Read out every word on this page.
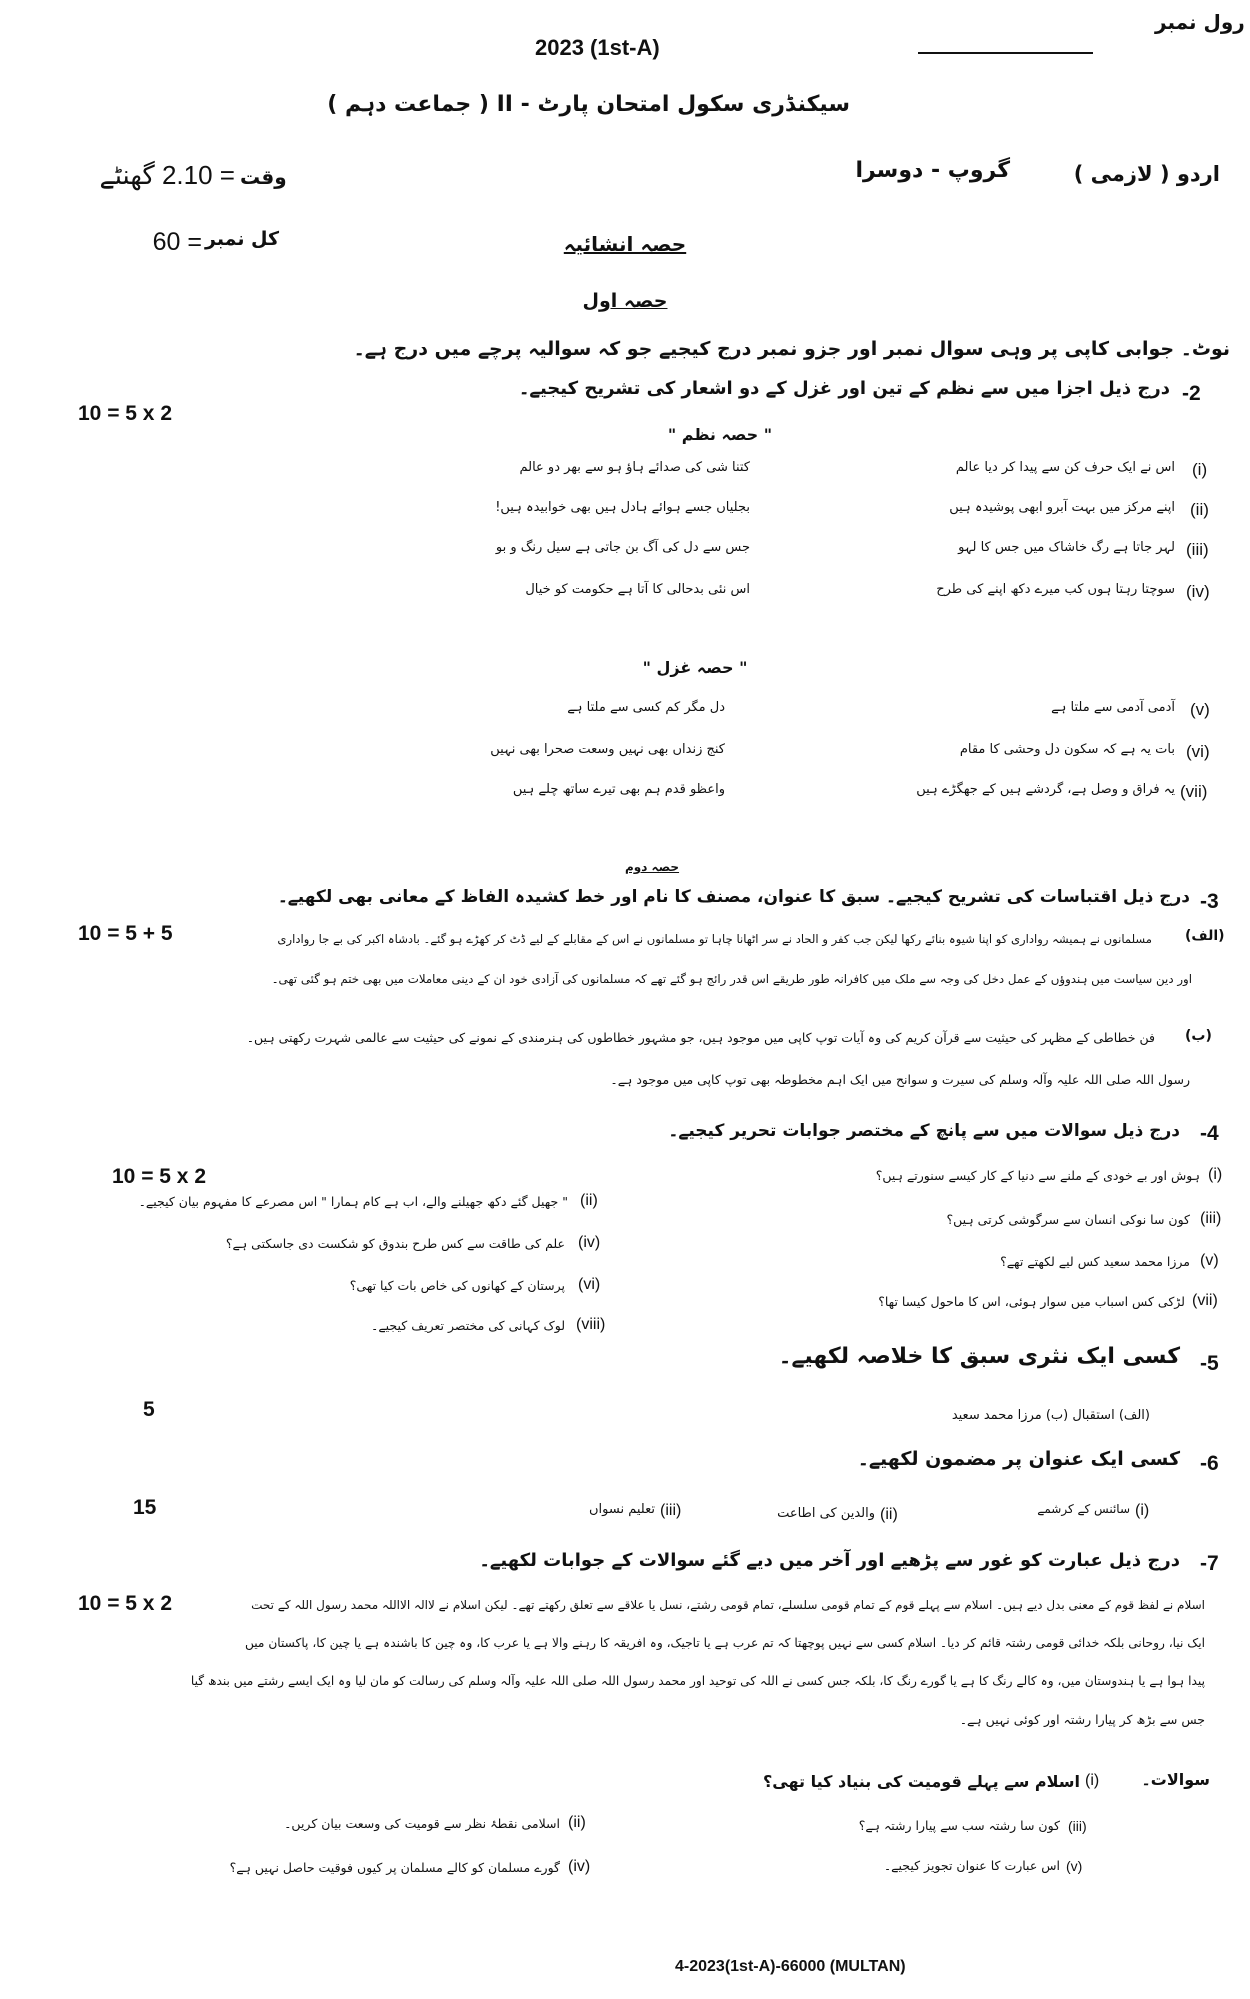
رول نمبر
2023 (1st-A)
سیکنڈری سکول امتحان پارٹ - II ( جماعت دہم )
اردو ( لازمی )
گروپ - دوسرا
وقت
= 2.10 گھنٹے
کل نمبر
= 60	حصہ انشائیہ
حصہ اول
نوٹ۔ جوابی کاپی پر وہی سوال نمبر اور جزو نمبر درج کیجیے جو کہ سوالیہ پرچے میں درج ہے۔
-2
درج ذیل اجزا میں سے نظم کے تین اور غزل کے دو اشعار کی تشریح کیجیے۔
10 = 5 x 2
" حصہ نظم "
(i)
اس نے ایک حرف کن سے پیدا کر دیا عالم
کتنا شی کی صدائے ہاؤ ہو سے بھر دو عالم
(ii)
اپنے مرکز میں بہت آبرو ابھی پوشیدہ ہیں
بجلیاں جسے ہوائے ہادل ہیں بھی خوابیدہ ہیں!
(iii)
لہر جاتا ہے رگ خاشاک میں جس کا لہو
جس سے دل کی آگ بن جاتی ہے سیل رنگ و بو
(iv)
سوچتا رہتا ہوں کب میرے دکھ اپنے کی طرح
اس نئی بدحالی کا آتا ہے حکومت کو خیال
" حصہ غزل "
(v)
آدمی آدمی سے ملتا ہے
دل مگر کم کسی سے ملتا ہے
(vi)
بات یہ ہے کہ سکون دل وحشی کا مقام
کنج زنداں بھی نہیں وسعت صحرا بھی نہیں
(vii)
یہ فراق و وصل ہے، گردشے ہیں کے جھگڑے ہیں
واعظو قدم ہم بھی تیرے ساتھ چلے ہیں
حصہ دوم
-3
درج ذیل اقتباسات کی تشریح کیجیے۔ سبق کا عنوان، مصنف کا نام اور خط کشیدہ الفاظ کے معانی بھی لکھیے۔
10 = 5 + 5	(الف)
مسلمانوں نے ہمیشہ رواداری کو اپنا شیوہ بنائے رکھا لیکن جب کفر و الحاد نے سر اٹھانا چاہا تو مسلمانوں نے اس کے مقابلے کے لیے ڈٹ کر کھڑے ہو گئے۔ بادشاہ اکبر کی بے جا رواداری
اور دین سیاست میں ہندوؤں کے عمل دخل کی وجہ سے ملک میں کافرانہ طور طریقے اس قدر رائج ہو گئے تھے کہ مسلمانوں کی آزادی خود ان کے دینی معاملات میں بھی ختم ہو گئی تھی۔
(ب)
فن خطاطی کے مظہر کی حیثیت سے قرآن کریم کی وہ آیات توپ کاپی میں موجود ہیں، جو مشہور خطاطوں کی ہنرمندی کے نمونے کی حیثیت سے عالمی شہرت رکھتی ہیں۔
رسول اللہ صلی اللہ علیہ وآلہ وسلم کی سیرت و سوانح میں ایک اہم مخطوطہ بھی توپ کاپی میں موجود ہے۔
-4
درج ذیل سوالات میں سے پانچ کے مختصر جوابات تحریر کیجیے۔
10 = 5 x 2	(i)
ہوش اور بے خودی کے ملنے سے دنیا کے کار کیسے سنورتے ہیں؟
(iii)
کون سا نوکی انسان سے سرگوشی کرتی ہیں؟
(v)
مرزا محمد سعید کس لیے لکھتے تھے؟
(vii)
لڑکی کس اسباب میں سوار ہوئی، اس کا ماحول کیسا تھا؟
(ii)
" جھیل گئے دکھ جھیلنے والے، اب ہے کام ہمارا " اس مصرعے کا مفہوم بیان کیجیے۔
(iv)
علم کی طاقت سے کس طرح بندوق کو شکست دی جاسکتی ہے؟
(vi)
پرستان کے کھانوں کی خاص بات کیا تھی؟
(viii)
لوک کہانی کی مختصر تعریف کیجیے۔
-5
کسی ایک نثری سبق کا خلاصہ لکھیے۔
5	(الف) استقبال (ب) مرزا محمد سعید
-6
کسی ایک عنوان پر مضمون لکھیے۔
15	(i)
سائنس کے کرشمے
(ii)
والدین کی اطاعت
(iii)
تعلیم نسواں
-7
درج ذیل عبارت کو غور سے پڑھیے اور آخر میں دیے گئے سوالات کے جوابات لکھیے۔
10 = 5 x 2	اسلام نے لفظ قوم کے معنی بدل دیے ہیں۔ اسلام سے پہلے قوم کے تمام قومی سلسلے، تمام قومی رشتے، نسل یا علاقے سے تعلق رکھتے تھے۔ لیکن اسلام نے لاالہ الااللہ محمد رسول اللہ کے تحت
ایک نیا، روحانی بلکہ خدائی قومی رشتہ قائم کر دیا۔ اسلام کسی سے نہیں پوچھتا کہ تم عرب ہے یا تاجیک، وہ افریقہ کا رہنے والا ہے یا عرب کا، وہ چین کا باشندہ ہے یا چین کا، پاکستان میں
پیدا ہوا ہے یا ہندوستان میں، وہ کالے رنگ کا ہے یا گورے رنگ کا، بلکہ جس کسی نے اللہ کی توحید اور محمد رسول اللہ صلی اللہ علیہ وآلہ وسلم کی رسالت کو مان لیا وہ ایک ایسے رشتے میں بندھ گیا
جس سے بڑھ کر پیارا رشتہ اور کوئی نہیں ہے۔
سوالات۔
(i)
اسلام سے پہلے قومیت کی بنیاد کیا تھی؟
(iii)
کون سا رشتہ سب سے پیارا رشتہ ہے؟
(v)
اس عبارت کا عنوان تجویز کیجیے۔
(ii)
اسلامی نقطۂ نظر سے قومیت کی وسعت بیان کریں۔
(iv)
گورے مسلمان کو کالے مسلمان پر کیوں فوقیت حاصل نہیں ہے؟
4-2023(1st-A)-66000 (MULTAN)
